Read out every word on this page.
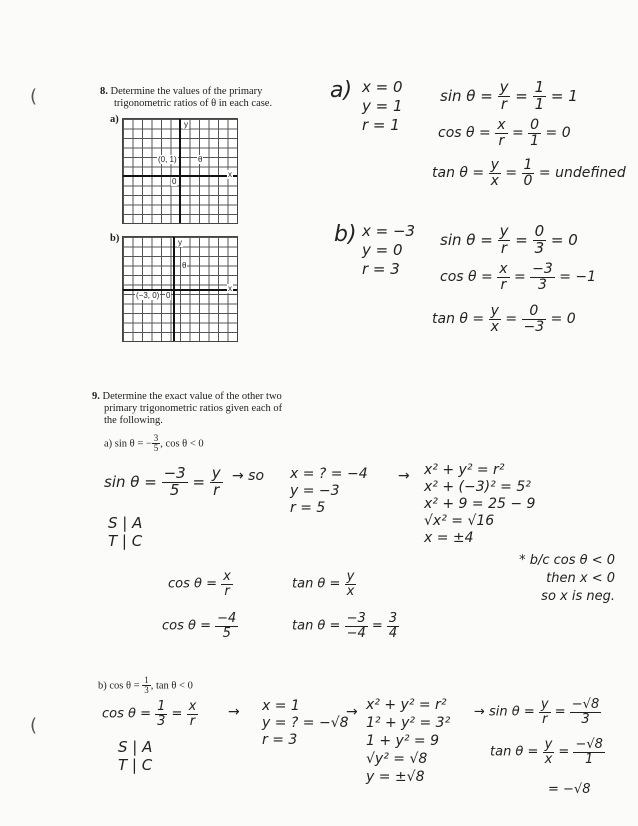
(
(
8. Determine the values of the primary
trigonometric ratios of θ in each case.
a)	y
x
0
(0, 1)	θ
b)	y
x
0
(−3, 0)
θ
a) x = 0
y = 1
r = 1
$\sin \theta = \frac{y}{r} = \frac{1}{1} = 1$
$\cos \theta = \frac{x}{r} = \frac{0}{1} = 0$
$\tan \theta = \frac{y}{x} = \frac{1}{0}$ = undefined
b) x = −3
y = 0
r = 3
$\sin \theta = \frac{y}{r} = \frac{0}{3} = 0$
$\cos \theta = \frac{x}{r} = \frac{-3}{3} = -1$
$\tan \theta = \frac{y}{x} = \frac{0}{-3} = 0$
9. Determine the exact value of the other two
primary trigonometric ratios given each of
the following.
a) sin θ = − $\frac{3}{5}$ , cos θ < 0
$\sin \theta = \frac{-3}{5} = \frac{y}{r}$ → so x = ? = −4
y = −3
r = 5
→ x² + y² = r²
x² + (−3)² = 5²
x² + 9 = 25 − 9
√x² = √16
x = ±4
S | A
T | C
* b/c cos θ < 0
then x < 0
so x is neg.
$\cos \theta = \frac{x}{r}$	$\tan \theta = \frac{y}{x}$
$\cos \theta = \frac{-4}{5}$	$\tan \theta = \frac{-3}{-4} = \frac{3}{4}$
b) $\cos \theta = \frac{1}{3}$ , tan θ < 0
$\cos \theta = \frac{1}{3} = \frac{x}{r} \to x = 1$
y = ? = −√8
r = 3
→ x² + y² = r²
1² + y² = 3²
1 + y² = 9
√y² = √8
y = ±√8
S | A
T | C
→ $\sin \theta = \frac{y}{r} = \frac{-√8}{3}$
$\tan \theta = \frac{y}{x} = \frac{-√8}{1}$
= −√8
